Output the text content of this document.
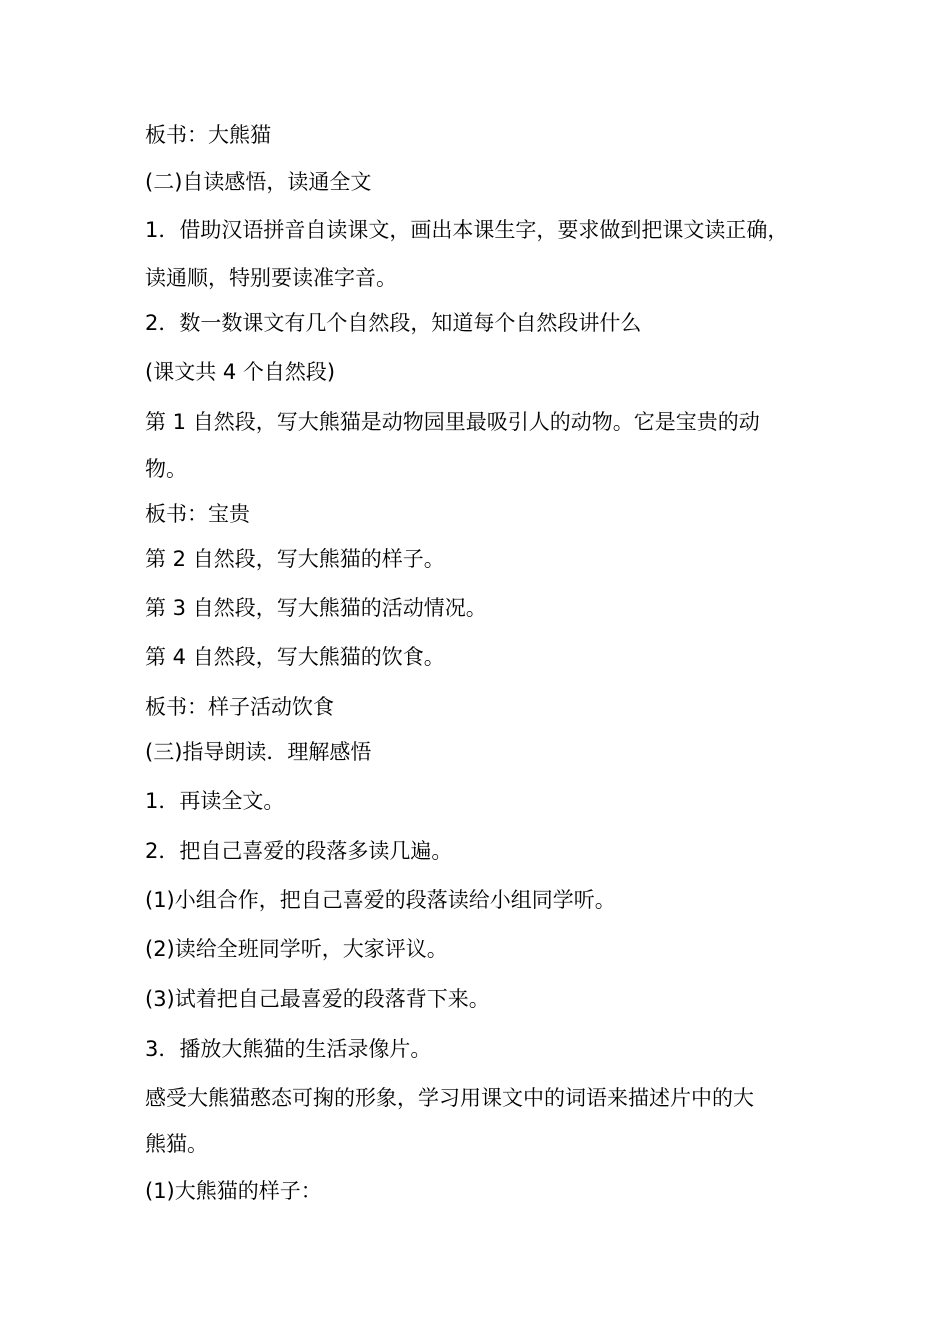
板书：大熊猫
(二)自读感悟，读通全文
1．借助汉语拼音自读课文，画出本课生字，要求做到把课文读正确，
读通顺，特别要读准字音。
2．数一数课文有几个自然段，知道每个自然段讲什么
(课文共 4 个自然段)
第 1 自然段，写大熊猫是动物园里最吸引人的动物。它是宝贵的动
物。
板书：宝贵
第 2 自然段，写大熊猫的样子。
第 3 自然段，写大熊猫的活动情况。
第 4 自然段，写大熊猫的饮食。
板书：样子活动饮食
(三)指导朗读．理解感悟
1．再读全文。
2．把自己喜爱的段落多读几遍。
(1)小组合作，把自己喜爱的段落读给小组同学听。
(2)读给全班同学听，大家评议。
(3)试着把自己最喜爱的段落背下来。
3．播放大熊猫的生活录像片。
感受大熊猫憨态可掬的形象，学习用课文中的词语来描述片中的大
熊猫。
(1)大熊猫的样子：
